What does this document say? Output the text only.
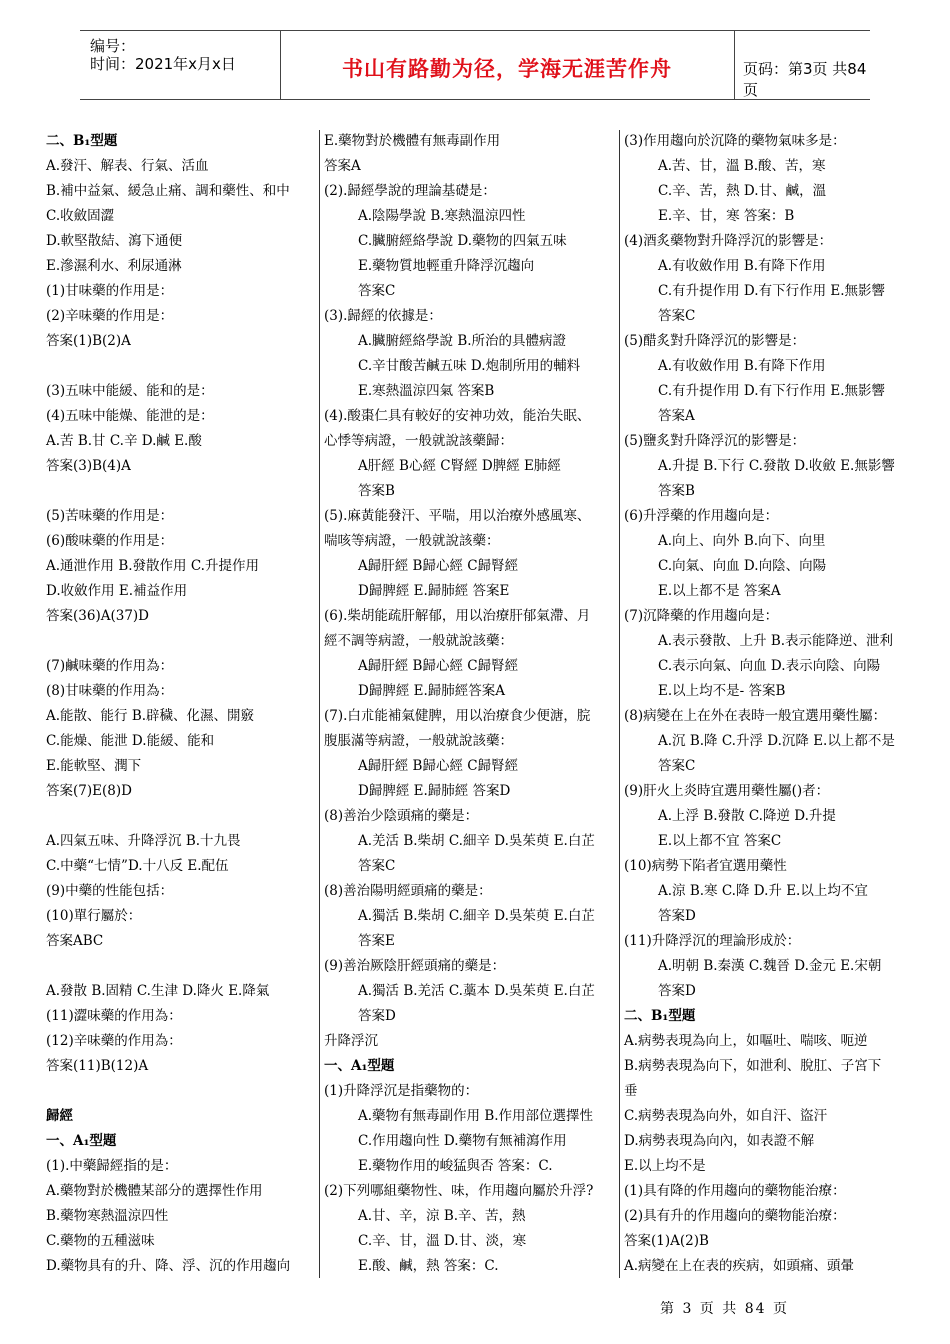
编号：
时间：2021年x月x日	书山有路勤为径，学海无涯苦作舟	页码：第3页 共84页
二、B₁型題
A.發汗、解表、行氣、活血
B.補中益氣、緩急止痛、調和藥性、和中
C.收斂固澀
D.軟堅散結、瀉下通便
E.滲濕利水、利尿通淋
(1)甘味藥的作用是：
(2)辛味藥的作用是：
答案(1)B(2)A
(3)五味中能緩、能和的是：
(4)五味中能燥、能泄的是：
A.苦 B.甘 C.辛 D.鹹 E.酸
答案(3)B(4)A
(5)苦味藥的作用是：
(6)酸味藥的作用是：
A.通泄作用 B.發散作用 C.升提作用
D.收斂作用 E.補益作用
答案(36)A(37)D
(7)鹹味藥的作用為：
(8)甘味藥的作用為：
A.能散、能行 B.辟穢、化濕、開竅
C.能燥、能泄 D.能緩、能和
E.能軟堅、潤下
答案(7)E(8)D
A.四氣五味、升降浮沉 B.十九畏
C.中藥“七情”D.十八反 E.配伍
(9)中藥的性能包括：
(10)單行屬於：
答案ABC
A.發散 B.固精 C.生津 D.降火 E.降氣
(11)澀味藥的作用為：
(12)辛味藥的作用為：
答案(11)B(12)A
歸經
一、A₁型題
(1).中藥歸經指的是：
A.藥物對於機體某部分的選擇性作用
B.藥物寒熱溫涼四性
C.藥物的五種滋味
D.藥物具有的升、降、浮、沉的作用趨向
E.藥物對於機體有無毒副作用
答案A
(2).歸經學說的理論基礎是：
A.陰陽學說 B.寒熱溫涼四性
C.臟腑經絡學說 D.藥物的四氣五味
E.藥物質地輕重升降浮沉趨向
答案C
(3).歸經的依據是：
A.臟腑經絡學說 B.所治的具體病證
C.辛甘酸苦鹹五味 D.炮制所用的輔料
E.寒熱溫涼四氣 答案B
(4).酸棗仁具有較好的安神功效，能治失眠、
心悸等病證，一般就說該藥歸：
A肝經 B心經 C腎經 D脾經 E肺經
答案B
(5).麻黃能發汗、平喘，用以治療外感風寒、
喘咳等病證，一般就說該藥：
A歸肝經 B歸心經 C歸腎經
D歸脾經 E.歸肺經 答案E
(6).柴胡能疏肝解郁，用以治療肝郁氣滯、月
經不調等病證，一般就說該藥：
A歸肝經 B歸心經 C歸腎經
D歸脾經 E.歸肺經答案A
(7).白朮能補氣健脾，用以治療食少便溏，脘
腹脹滿等病證，一般就說該藥：
A歸肝經 B歸心經 C歸腎經
D歸脾經 E.歸肺經 答案D
(8)善治少陰頭痛的藥是：
A.羌活 B.柴胡 C.細辛 D.吳茱萸 E.白芷
答案C
(8)善治陽明經頭痛的藥是：
A.獨活 B.柴胡 C.細辛 D.吳茱萸 E.白芷
答案E
(9)善治厥陰肝經頭痛的藥是：
A.獨活 B.羌活 C.藁本 D.吳茱萸 E.白芷
答案D
升降浮沉
一、A₁型題
(1)升降浮沉是指藥物的：
A.藥物有無毒副作用 B.作用部位選擇性
C.作用趨向性 D.藥物有無補瀉作用
E.藥物作用的峻猛與否 答案：C.
(2)下列哪組藥物性、味，作用趨向屬於升浮?
A.甘、辛，涼 B.辛、苦，熱
C.辛、甘，溫 D.甘、淡，寒
E.酸、鹹，熱 答案：C.
(3)作用趨向於沉降的藥物氣味多是：
A.苦、甘，溫 B.酸、苦，寒
C.辛、苦，熱 D.甘、鹹，溫
E.辛、甘，寒 答案：B
(4)酒炙藥物對升降浮沉的影響是：
A.有收斂作用 B.有降下作用
C.有升提作用 D.有下行作用 E.無影響
答案C
(5)醋炙對升降浮沉的影響是：
A.有收斂作用 B.有降下作用
C.有升提作用 D.有下行作用 E.無影響
答案A
(5)鹽炙對升降浮沉的影響是：
A.升提 B.下行 C.發散 D.收斂 E.無影響
答案B
(6)升浮藥的作用趨向是：
A.向上、向外 B.向下、向里
C.向氣、向血 D.向陰、向陽
E.以上都不是 答案A
(7)沉降藥的作用趨向是：
A.表示發散、上升 B.表示能降逆、泄利
C.表示向氣、向血 D.表示向陰、向陽
E.以上均不是- 答案B
(8)病變在上在外在表時一般宜選用藥性屬：
A.沉 B.降 C.升浮 D.沉降 E.以上都不是
答案C
(9)肝火上炎時宜選用藥性屬()者：
A.上浮 B.發散 C.降逆 D.升提
E.以上都不宜 答案C
(10)病勢下陷者宜選用藥性
A.涼 B.寒 C.降 D.升 E.以上均不宜
答案D
(11)升降浮沉的理論形成於：
A.明朝 B.秦漢 C.魏晉 D.金元 E.宋朝
答案D
二、B₁型題
A.病勢表現為向上，如嘔吐、喘咳、呃逆
B.病勢表現為向下，如泄利、脫肛、子宮下
垂
C.病勢表現為向外，如自汗、盜汗
D.病勢表現為向內，如表證不解
E.以上均不是
(1)具有降的作用趨向的藥物能治療：
(2)具有升的作用趨向的藥物能治療：
答案(1)A(2)B
A.病變在上在表的疾病，如頭痛、頭暈
第 3 页 共 84 页
